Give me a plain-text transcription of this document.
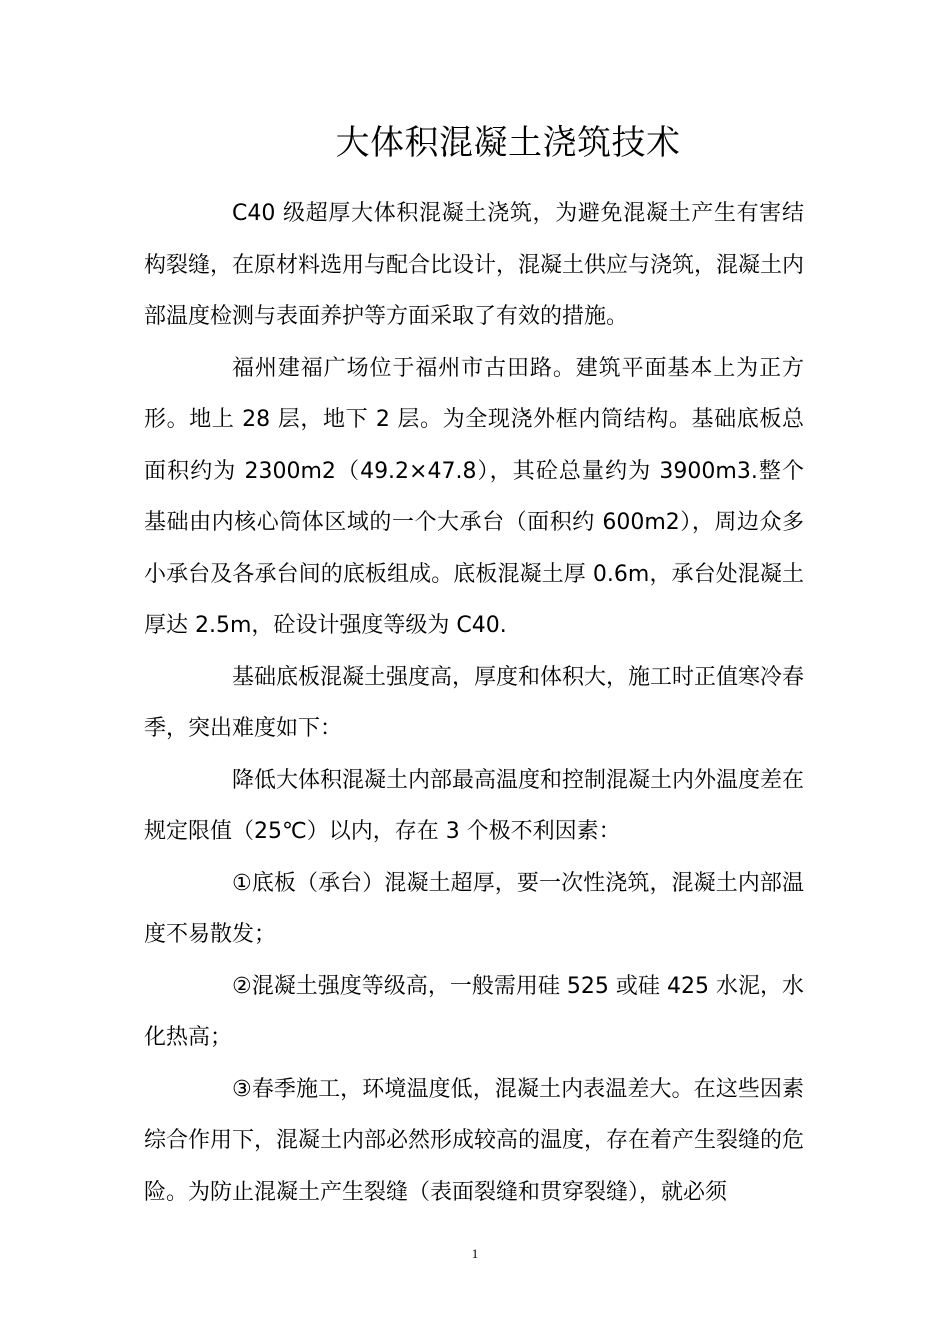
大体积混凝土浇筑技术

C40 级超厚大体积混凝土浇筑，为避免混凝土产生有害结构裂缝，在原材料选用与配合比设计，混凝土供应与浇筑，混凝土内部温度检测与表面养护等方面采取了有效的措施。

福州建福广场位于福州市古田路。建筑平面基本上为正方形。地上 28 层，地下 2 层。为全现浇外框内筒结构。基础底板总面积约为 2300m2（49.2×47.8），其砼总量约为 3900m3.整个基础由内核心筒体区域的一个大承台（面积约 600m2），周边众多小承台及各承台间的底板组成。底板混凝土厚 0.6m，承台处混凝土厚达 2.5m，砼设计强度等级为 C40.

基础底板混凝土强度高，厚度和体积大，施工时正值寒冷春季，突出难度如下：

降低大体积混凝土内部最高温度和控制混凝土内外温度差在规定限值（25℃）以内，存在 3 个极不利因素：

①底板（承台）混凝土超厚，要一次性浇筑，混凝土内部温度不易散发；

②混凝土强度等级高，一般需用硅 525 或硅 425 水泥，水化热高；

③春季施工，环境温度低，混凝土内表温差大。在这些因素综合作用下，混凝土内部必然形成较高的温度，存在着产生裂缝的危险。为防止混凝土产生裂缝（表面裂缝和贯穿裂缝），就必须

1
